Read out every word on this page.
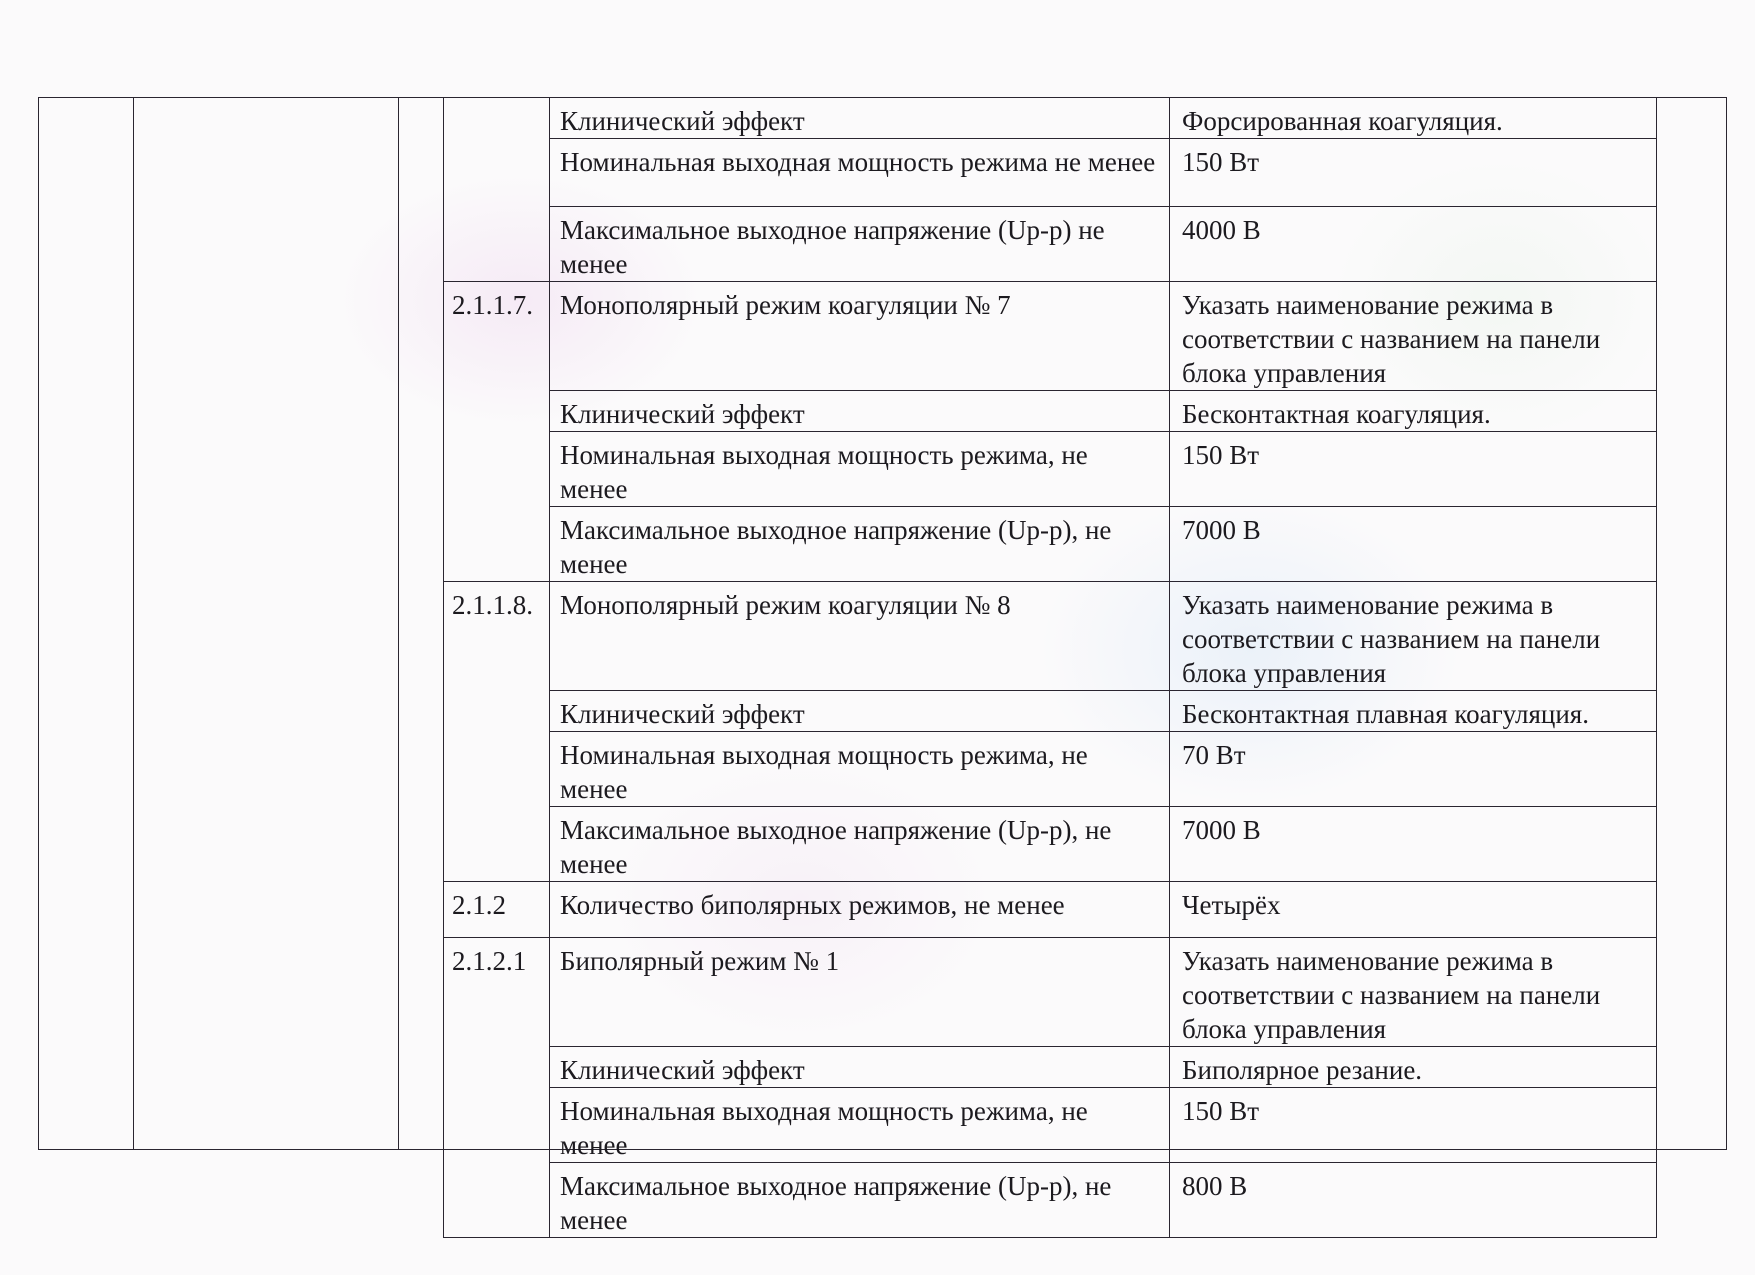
	Клинический эффект	Форсированная коагуляция.
	Номинальная выходная мощность режима не менее	150 Вт
	Максимальное выходное напряжение (Up-p) не менее	4000 В
2.1.1.7.	Монополярный режим коагуляции № 7	Указать наименование режима в соответствии с названием на панели блока управления
	Клинический эффект	Бесконтактная коагуляция.
	Номинальная выходная мощность режима, не менее	150 Вт
	Максимальное выходное напряжение (Up-p), не менее	7000 В
2.1.1.8.	Монополярный режим коагуляции № 8	Указать наименование режима в соответствии с названием на панели блока управления
	Клинический эффект	Бесконтактная плавная коагуляция.
	Номинальная выходная мощность режима, не менее	70 Вт
	Максимальное выходное напряжение (Up-p), не менее	7000 В
2.1.2	Количество биполярных режимов, не менее	Четырёх
2.1.2.1	Биполярный режим № 1	Указать наименование режима в соответствии с названием на панели блока управления
	Клинический эффект	Биполярное резание.
	Номинальная выходная мощность режима, не менее	150 Вт
	Максимальное выходное напряжение (Up-p), не менее	800 В
